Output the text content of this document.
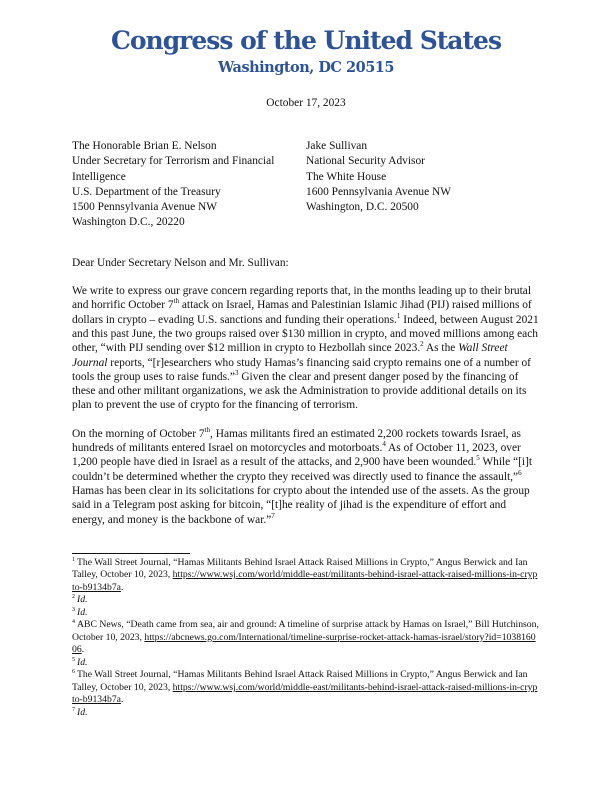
Congress of the United States
Washington, DC 20515
October 17, 2023
The Honorable Brian E. Nelson
Under Secretary for Terrorism and Financial
Intelligence
U.S. Department of the Treasury
1500 Pennsylvania Avenue NW
Washington D.C., 20220
Jake Sullivan
National Security Advisor
The White House
1600 Pennsylvania Avenue NW
Washington, D.C. 20500
Dear Under Secretary Nelson and Mr. Sullivan:

We write to express our grave concern regarding reports that, in the months leading up to their brutal and horrific October 7th attack on Israel, Hamas and Palestinian Islamic Jihad (PIJ) raised millions of dollars in crypto – evading U.S. sanctions and funding their operations.$^1$ Indeed, between August 2021 and this past June, the two groups raised over $130 million in crypto, and moved millions among each other, “with PIJ sending over $12 million in crypto to Hezbollah since 2023.$^2$ As the Wall Street Journal reports, “[r]esearchers who study Hamas’s financing said crypto remains one of a number of tools the group uses to raise funds.”$^3$ Given the clear and present danger posed by the financing of these and other militant organizations, we ask the Administration to provide additional details on its plan to prevent the use of crypto for the financing of terrorism.

On the morning of October 7th, Hamas militants fired an estimated 2,200 rockets towards Israel, as hundreds of militants entered Israel on motorcycles and motorboats.$^4$ As of October 11, 2023, over 1,200 people have died in Israel as a result of the attacks, and 2,900 have been wounded.$^5$ While “[i]t couldn’t be determined whether the crypto they received was directly used to finance the assault,”$^6$ Hamas has been clear in its solicitations for crypto about the intended use of the assets. As the group said in a Telegram post asking for bitcoin, “[t]he reality of jihad is the expenditure of effort and energy, and money is the backbone of war.”$^7$

$^1$ The Wall Street Journal, “Hamas Militants Behind Israel Attack Raised Millions in Crypto,” Angus Berwick and Ian Talley, October 10, 2023, https://www.wsj.com/world/middle-east/militants-behind-israel-attack-raised-millions-in-crypto-b9134b7a.
$^2$ Id.
$^3$ Id.
$^4$ ABC News, “Death came from sea, air and ground: A timeline of surprise attack by Hamas on Israel,” Bill Hutchinson, October 10, 2023, https://abcnews.go.com/International/timeline-surprise-rocket-attack-hamas-israel/story?id=103816006.
$^5$ Id.
$^6$ The Wall Street Journal, “Hamas Militants Behind Israel Attack Raised Millions in Crypto,” Angus Berwick and Ian Talley, October 10, 2023, https://www.wsj.com/world/middle-east/militants-behind-israel-attack-raised-millions-in-crypto-b9134b7a.
$^7$ Id.
